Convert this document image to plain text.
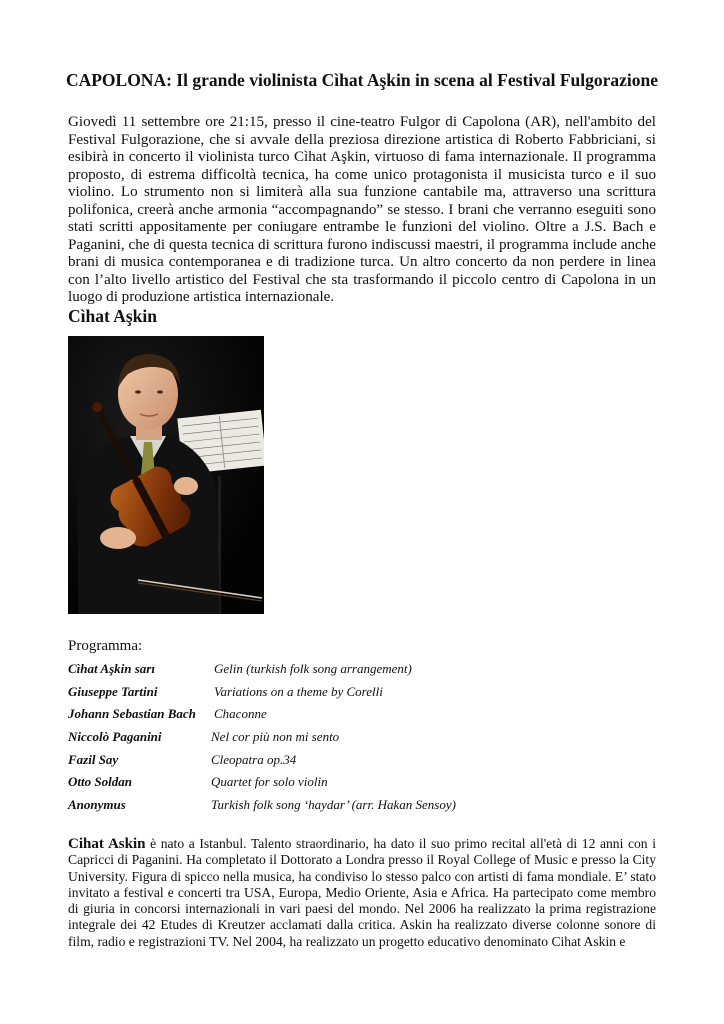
CAPOLONA: Il grande violinista Cìhat Aşkin in scena al Festival Fulgorazione

Giovedì 11 settembre ore 21:15, presso il cine-teatro Fulgor di Capolona (AR), nell'ambito del Festival Fulgorazione, che si avvale della preziosa direzione artistica di Roberto Fabbriciani, si esibirà in concerto il violinista turco Cìhat Aşkin, virtuoso di fama internazionale. Il programma proposto, di estrema difficoltà tecnica, ha come unico protagonista il musicista turco e il suo violino. Lo strumento non si limiterà alla sua funzione cantabile ma, attraverso una scrittura polifonica, creerà anche armonia “accompagnando” se stesso. I brani che verranno eseguiti sono stati scritti appositamente per coniugare entrambe le funzioni del violino. Oltre a J.S. Bach e Paganini, che di questa tecnica di scrittura furono indiscussi maestri, il programma include anche brani di musica contemporanea e di tradizione turca. Un altro concerto da non perdere in linea con l’alto livello artistico del Festival che sta trasformando il piccolo centro di Capolona in un luogo di produzione artistica internazionale.

Cìhat Aşkin

Programma:

Cìhat Aşkin sarı	Gelin (turkish folk song arrangement)
Giuseppe Tartini	Variations on a theme by Corelli
Johann Sebastian Bach Chaconne
Niccolò Paganini	Nel cor più non mi sento
Fazil Say	Cleopatra op.34
Otto Soldan	Quartet for solo violin
Anonymus	Turkish folk song ‘haydar’ (arr. Hakan Sensoy)

Cihat Askin è nato a Istanbul. Talento straordinario, ha dato il suo primo recital all'età di 12 anni con i Capricci di Paganini. Ha completato il Dottorato a Londra presso il Royal College of Music e presso la City University. Figura di spicco nella musica, ha condiviso lo stesso palco con artisti di fama mondiale. E’ stato invitato a festival e concerti tra USA, Europa, Medio Oriente, Asia e Africa. Ha partecipato come membro di giuria in concorsi internazionali in vari paesi del mondo. Nel 2006 ha realizzato la prima registrazione integrale dei 42 Etudes di Kreutzer acclamati dalla critica. Askin ha realizzato diverse colonne sonore di film, radio e registrazioni TV. Nel 2004, ha realizzato un progetto educativo denominato Cihat Askin e
